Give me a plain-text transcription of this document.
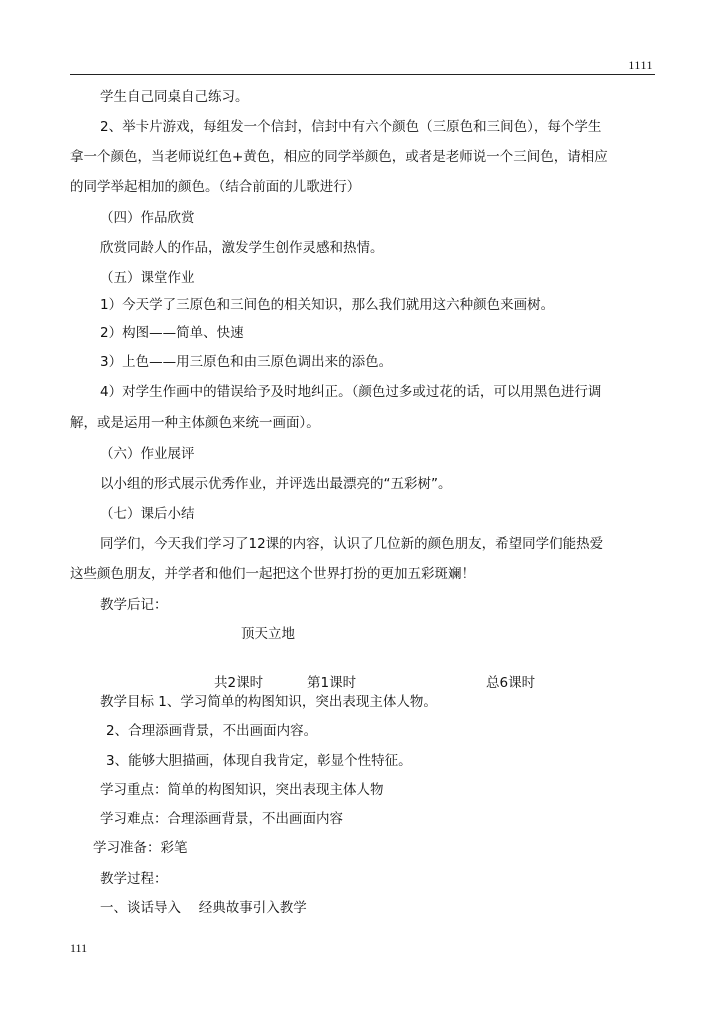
1111
学生自己同桌自己练习。
2、举卡片游戏，每组发一个信封，信封中有六个颜色（三原色和三间色），每个学生
拿一个颜色，当老师说红色+黄色，相应的同学举颜色，或者是老师说一个三间色，请相应
的同学举起相加的颜色。（结合前面的儿歌进行）
（四）作品欣赏
欣赏同龄人的作品，激发学生创作灵感和热情。
（五）课堂作业
1）今天学了三原色和三间色的相关知识，那么我们就用这六种颜色来画树。
2）构图——简单、快速
3）上色——用三原色和由三原色调出来的添色。
4）对学生作画中的错误给予及时地纠正。（颜色过多或过花的话，可以用黑色进行调
解，或是运用一种主体颜色来统一画面）。
（六）作业展评
以小组的形式展示优秀作业，并评选出最漂亮的“五彩树”。
（七）课后小结
同学们，今天我们学习了12课的内容，认识了几位新的颜色朋友，希望同学们能热爱
这些颜色朋友，并学者和他们一起把这个世界打扮的更加五彩斑斓！
教学后记：
顶天立地
共2课时	第1课时	总6课时
教学目标 1、学习简单的构图知识，突出表现主体人物。
2、合理添画背景，不出画面内容。
3、能够大胆描画，体现自我肯定，彰显个性特征。
学习重点：简单的构图知识，突出表现主体人物
学习难点：合理添画背景，不出画面内容
学习准备：彩笔
教学过程：
一、谈话导入　 经典故事引入教学
111
